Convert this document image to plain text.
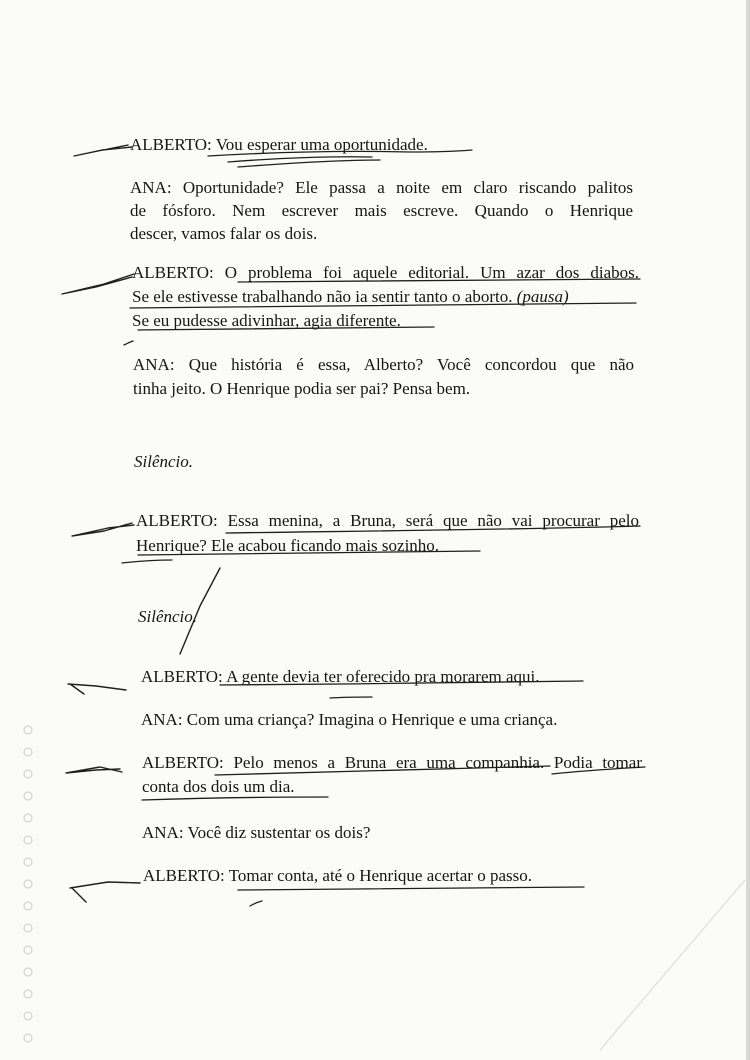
ALBERTO: Vou esperar uma oportunidade.

ANA: Oportunidade? Ele passa a noite em claro riscando palitos

de fósforo. Nem escrever mais escreve. Quando o Henrique

descer, vamos falar os dois.

ALBERTO: O problema foi aquele editorial. Um azar dos diabos.

Se ele estivesse trabalhando não ia sentir tanto o aborto. (pausa)

Se eu pudesse adivinhar, agia diferente.

ANA: Que história é essa, Alberto? Você concordou que não

tinha jeito. O Henrique podia ser pai? Pensa bem.

Silêncio.

ALBERTO: Essa menina, a Bruna, será que não vai procurar pelo

Henrique? Ele acabou ficando mais sozinho.

Silêncio.

ALBERTO: A gente devia ter oferecido pra morarem aqui.

ANA: Com uma criança? Imagina o Henrique e uma criança.

ALBERTO: Pelo menos a Bruna era uma companhia. Podia tomar

conta dos dois um dia.

ANA: Você diz sustentar os dois?

ALBERTO: Tomar conta, até o Henrique acertar o passo.
